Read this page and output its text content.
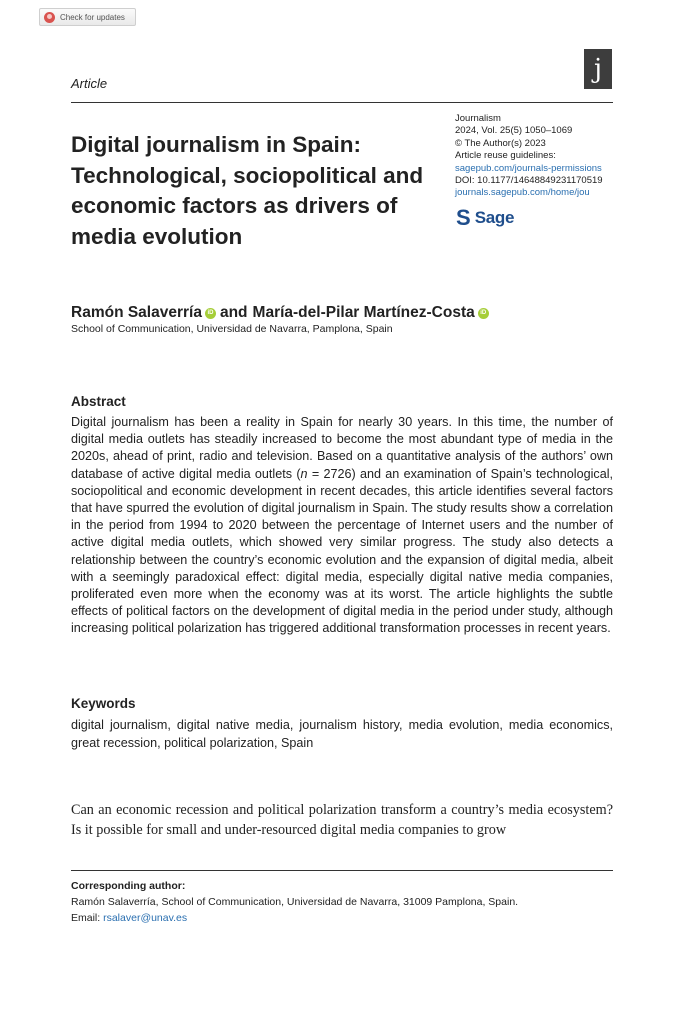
Check for updates
Article	j
Digital journalism in Spain: Technological, sociopolitical and economic factors as drivers of media evolution
Journalism
2024, Vol. 25(5) 1050–1069
© The Author(s) 2023
Article reuse guidelines:
sagepub.com/journals-permissions
DOI: 10.1177/14648849231170519
journals.sagepub.com/home/jou
S Sage
Ramón Salaverría iD and María-del-Pilar Martínez-Costa iD
School of Communication, Universidad de Navarra, Pamplona, Spain
Abstract

Digital journalism has been a reality in Spain for nearly 30 years. In this time, the number of digital media outlets has steadily increased to become the most abundant type of media in the 2020s, ahead of print, radio and television. Based on a quantitative analysis of the authors’ own database of active digital media outlets (n = 2726) and an examination of Spain’s technological, sociopolitical and economic development in recent decades, this article identifies several factors that have spurred the evolution of digital journalism in Spain. The study results show a correlation in the period from 1994 to 2020 between the percentage of Internet users and the number of active digital media outlets, which showed very similar progress. The study also detects a relationship between the country’s economic evolution and the expansion of digital media, albeit with a seemingly paradoxical effect: digital media, especially digital native media companies, proliferated even more when the economy was at its worst. The article highlights the subtle effects of political factors on the development of digital media in the period under study, although increasing political polarization has triggered additional transformation processes in recent years.

Keywords
digital journalism, digital native media, journalism history, media evolution, media economics, great recession, political polarization, Spain
Can an economic recession and political polarization transform a country’s media ecosystem? Is it possible for small and under-resourced digital media companies to grow
Corresponding author:
Ramón Salaverría, School of Communication, Universidad de Navarra, 31009 Pamplona, Spain.
Email: rsalaver@unav.es
